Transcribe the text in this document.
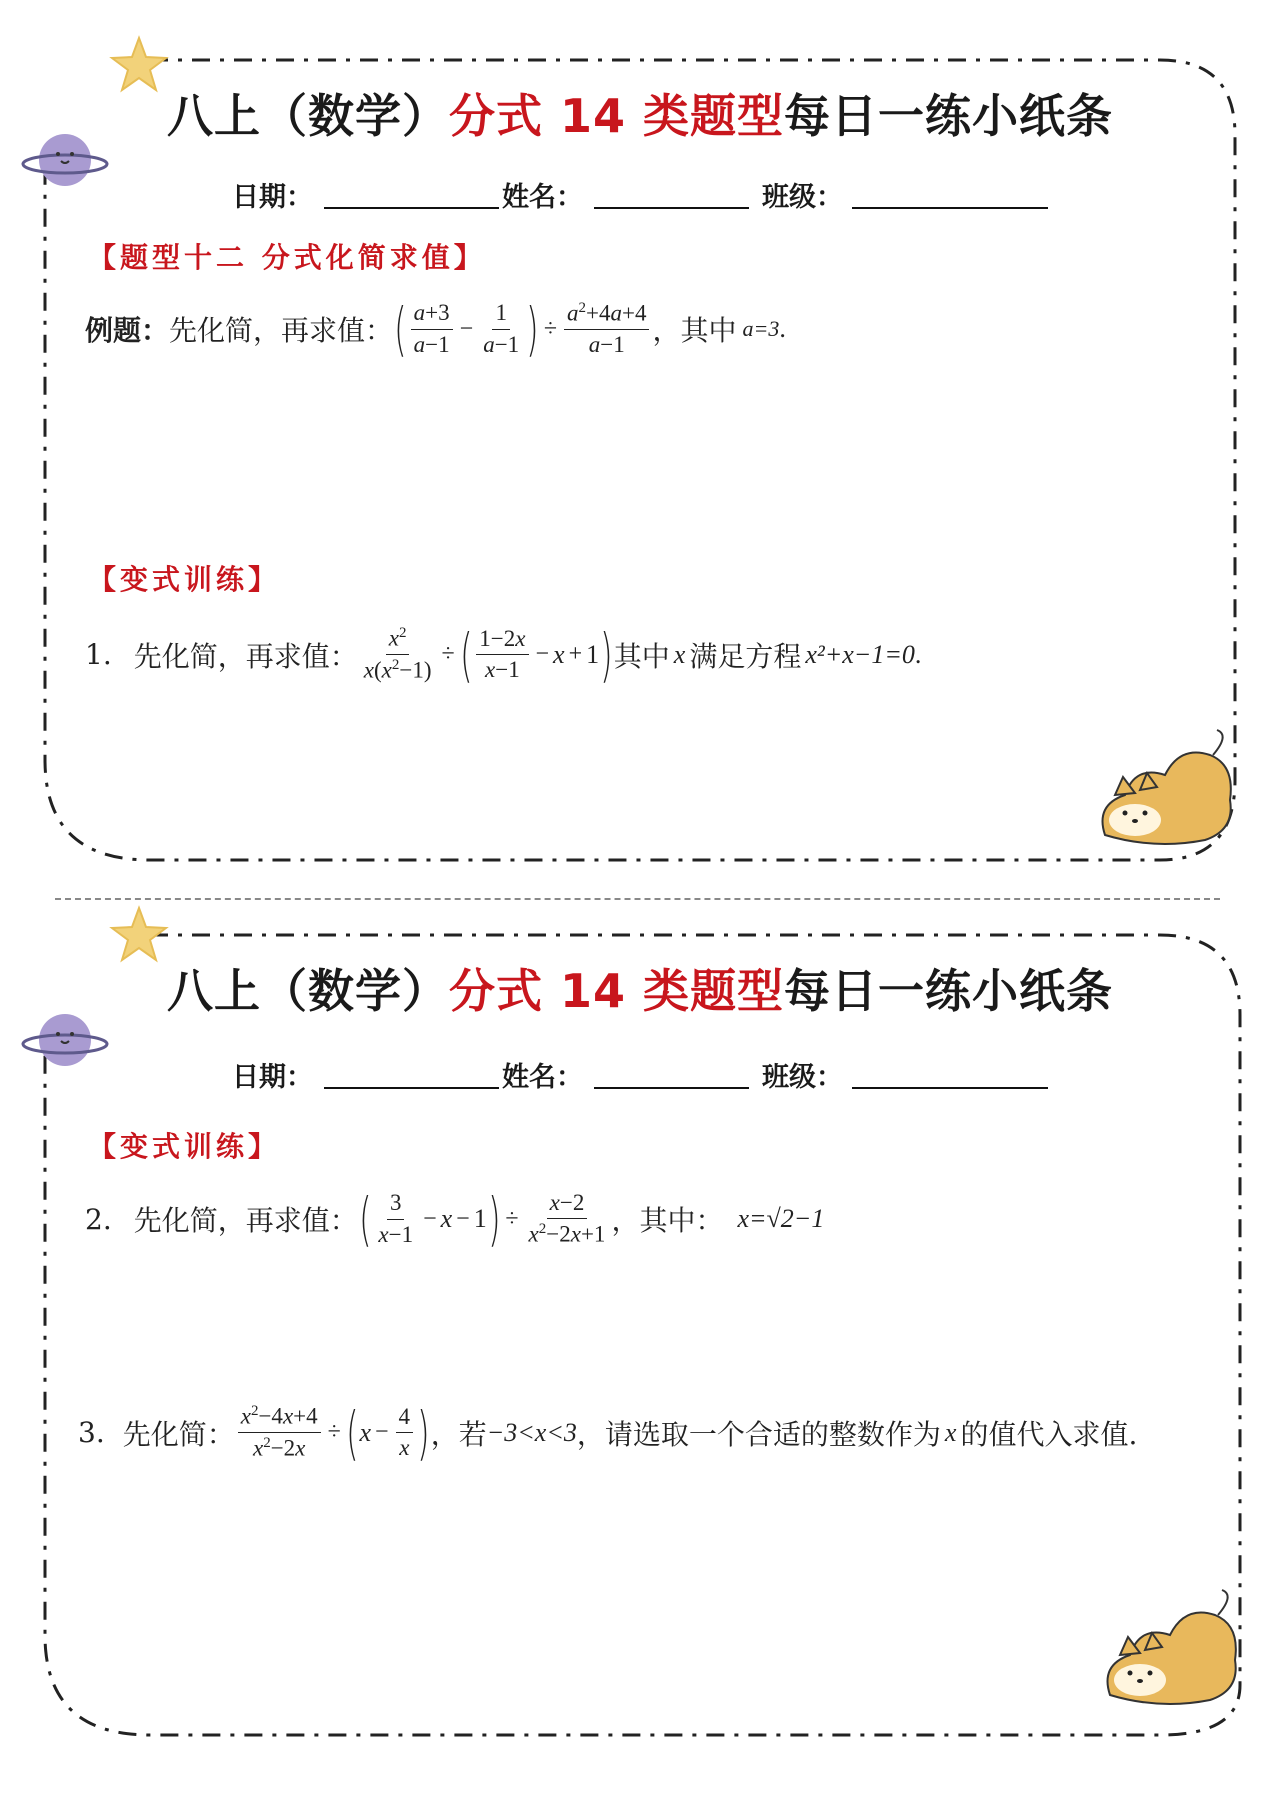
八上（数学）分式 14 类题型每日一练小纸条
日期：	姓名：	班级：
【题型十二 分式化简求值】
例题： 先化简，再求值： ( $\frac{a+3}{a-1} - \frac{1}{a-1}$ ) ÷ $\frac{a^2+4a+4}{a-1}$ ，其中 a=3 .
【变式训练】
1. 先化简，再求值： $\frac{x^2}{x(x^2-1)}$ ÷ ( $\frac{1-2x}{x-1} - x + 1$ ) 其中 x 满足方程 x²+x−1=0 .
八上（数学）分式 14 类题型每日一练小纸条
日期：	姓名：	班级：
【变式训练】
2. 先化简，再求值： ( $\frac{3}{x-1} - x - 1$ ) ÷ $\frac{x-2}{x^2-2x+1}$ ，其中： x=√2−1
3. 先化简： $\frac{x^2-4x+4}{x^2-2x}$ ÷ ( $x - \frac{4}{x}$ ) ，若 −3<x<3 ，请选取一个合适的整数作为 x 的值代入求值.
